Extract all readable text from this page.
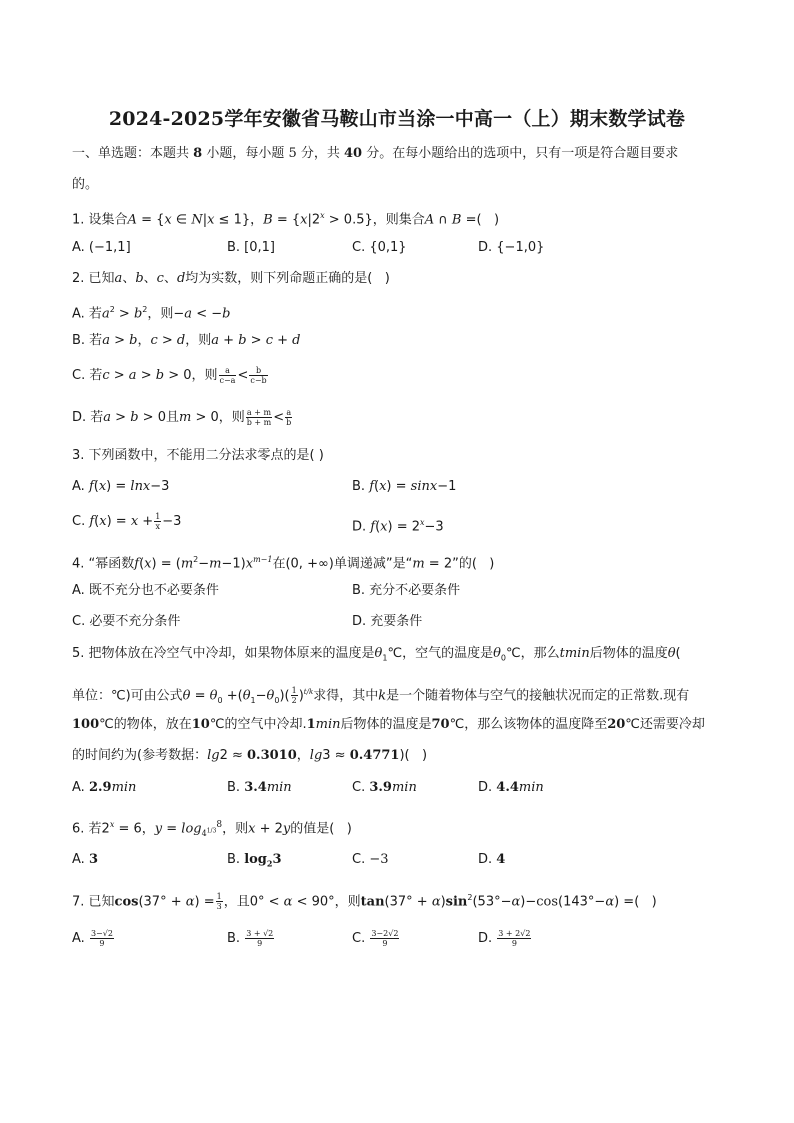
2024-2025学年安徽省马鞍山市当涂一中高一（上）期末数学试卷
一、单选题：本题共 8 小题，每小题 5 分，共 40 分。在每小题给出的选项中，只有一项是符合题目要求
的。
1. 设集合A = {x ∈ N|x ≤ 1}，$B = \{x|2^x > 0.5\}$，则集合A ∩ B =(   )
A. (−1,1]	B. [0,1]	C. {0,1}	D. {−1,0}
2. 已知a、b、c、d均为实数，则下列命题正确的是(   )
A. 若$a^2 > b^2$，则−a < −b
B. 若a > b，c > d，则a + b > c + d
C. 若c > a > b > 0，则 $\frac{a}{c-a} < \frac{b}{c-b}$
D. 若a > b > 0且m > 0，则 $\frac{a + m}{b + m} < \frac{a}{b}$
3. 下列函数中，不能用二分法求零点的是( )
A. f(x) = lnx−3	B. f(x) = sinx−1
C. $f(x) = x + \frac{1}{x} -3$	D. $f(x) = 2^x-3$
4. “幂函数$f(x) = (m^2-m-1)x^{m-1}$在(0, +∞)单调递减”是“m = 2”的(   )
A. 既不充分也不必要条件	B. 充分不必要条件
C. 必要不充分条件	D. 充要条件
5. 把物体放在冷空气中冷却，如果物体原来的温度是$\theta_1℃$，空气的温度是$\theta_0℃$，那么tmin后物体的温度θ(
单位：℃)可由公式$\theta = \theta_0 +(\theta_1-\theta_0)( \frac{1}{2} )^{t/k}$求得，其中k是一个随着物体与空气的接触状况而定的正常数.现有
100℃的物体，放在10℃的空气中冷却.1min后物体的温度是70℃，那么该物体的温度降至20℃还需要冷却
的时间约为(参考数据：lg2 ≈ 0.3010，lg3 ≈ 0.4771)(   )
A. 2.9min	B. 3.4min	C. 3.9min	D. 4.4min
6. 若$2^x = 6$，$y = \log_{4^{1/3}}^8$，则x + 2y的值是(   )
A. 3	B. $\log_23$	C. −3	D. 4
7. 已知$\cos(37^\circ + \alpha) = \frac{1}{3}$ ，且0° < α < 90°，则$\tan(37^\circ + \alpha)\sin^2(53^\circ-\alpha)-\cos(143^\circ-\alpha)$ =(   )
A. $\frac{3-√2}{9}$	B. $\frac{3 + √2}{9}$	C. $\frac{3-2√2}{9}$	D. $\frac{3 + 2√2}{9}$
